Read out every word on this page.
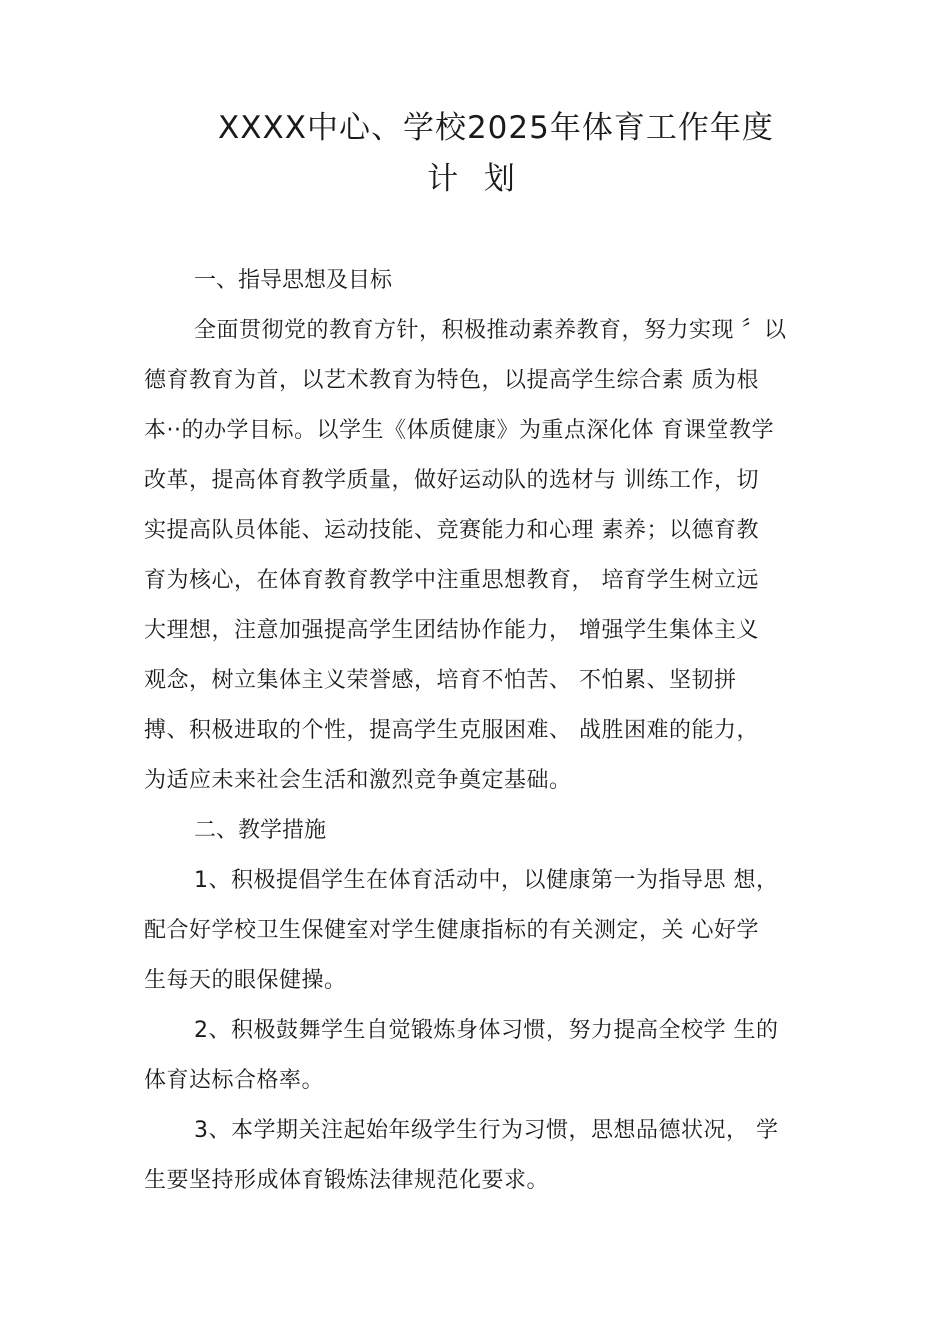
XXXX中心、学校2025年体育工作年度
计 划

一、指导思想及目标

全面贯彻党的教育方针，积极推动素养教育，努力实现 〞以
德育教育为首，以艺术教育为特色，以提高学生综合素 质为根
本··的办学目标。以学生《体质健康》为重点深化体 育课堂教学
改革，提高体育教学质量，做好运动队的选材与 训练工作，切
实提高队员体能、运动技能、竞赛能力和心理 素养；以德育教
育为核心，在体育教育教学中注重思想教育， 培育学生树立远
大理想，注意加强提高学生团结协作能力， 增强学生集体主义
观念，树立集体主义荣誉感，培育不怕苦、 不怕累、坚韧拼
搏、积极进取的个性，提高学生克服困难、 战胜困难的能力，
为适应未来社会生活和激烈竞争奠定基础。

二、教学措施

1、积极提倡学生在体育活动中，以健康第一为指导思 想，
配合好学校卫生保健室对学生健康指标的有关测定，关 心好学
生每天的眼保健操。

2、积极鼓舞学生自觉锻炼身体习惯，努力提高全校学 生的
体育达标合格率。

3、本学期关注起始年级学生行为习惯，思想品德状况， 学
生要坚持形成体育锻炼法律规范化要求。
